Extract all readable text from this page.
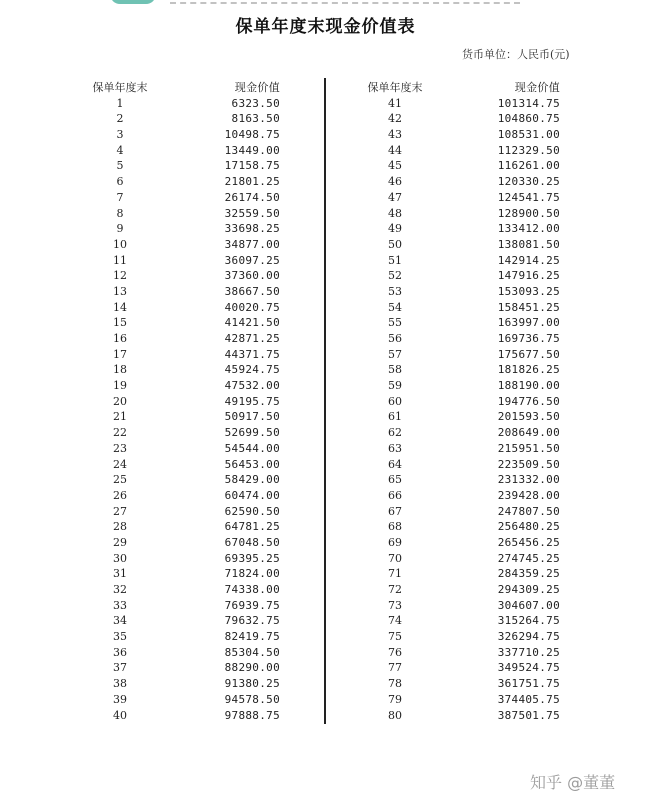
保单年度末现金价值表
货币单位：人民币(元)
保单年度末	现金价值
1	6323.50
2	8163.50
3	10498.75
4	13449.00
5	17158.75
6	21801.25
7	26174.50
8	32559.50
9	33698.25
10	34877.00
11	36097.25
12	37360.00
13	38667.50
14	40020.75
15	41421.50
16	42871.25
17	44371.75
18	45924.75
19	47532.00
20	49195.75
21	50917.50
22	52699.50
23	54544.00
24	56453.00
25	58429.00
26	60474.00
27	62590.50
28	64781.25
29	67048.50
30	69395.25
31	71824.00
32	74338.00
33	76939.75
34	79632.75
35	82419.75
36	85304.50
37	88290.00
38	91380.25
39	94578.50
40	97888.75
保单年度末	现金价值
41	101314.75
42	104860.75
43	108531.00
44	112329.50
45	116261.00
46	120330.25
47	124541.75
48	128900.50
49	133412.00
50	138081.50
51	142914.25
52	147916.25
53	153093.25
54	158451.25
55	163997.00
56	169736.75
57	175677.50
58	181826.25
59	188190.00
60	194776.50
61	201593.50
62	208649.00
63	215951.50
64	223509.50
65	231332.00
66	239428.00
67	247807.50
68	256480.25
69	265456.25
70	274745.25
71	284359.25
72	294309.25
73	304607.00
74	315264.75
75	326294.75
76	337710.25
77	349524.75
78	361751.75
79	374405.75
80	387501.75
知乎 @董董
